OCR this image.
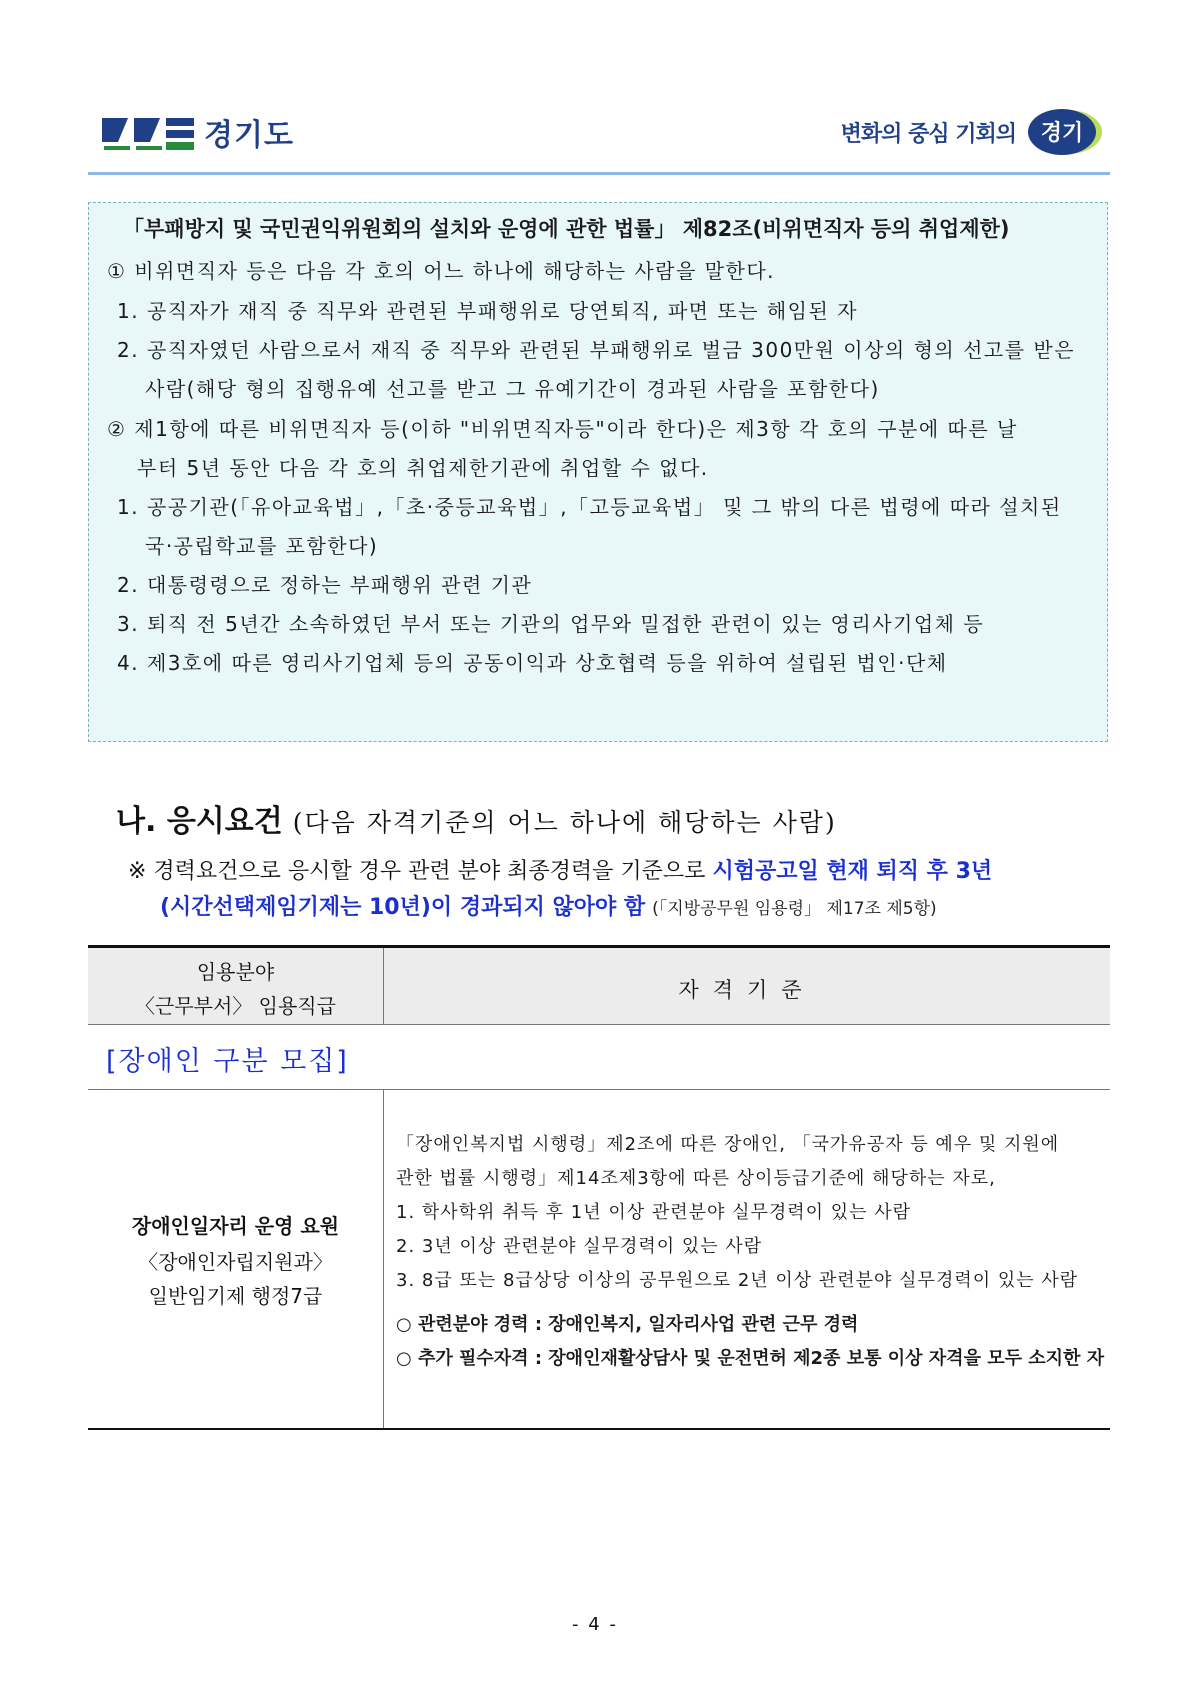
경기도	변화의 중심 기회의 경기
「부패방지 및 국민권익위원회의 설치와 운영에 관한 법률」 제82조(비위면직자 등의 취업제한)
① 비위면직자 등은 다음 각 호의 어느 하나에 해당하는 사람을 말한다.
1. 공직자가 재직 중 직무와 관련된 부패행위로 당연퇴직, 파면 또는 해임된 자
2. 공직자였던 사람으로서 재직 중 직무와 관련된 부패행위로 벌금 300만원 이상의 형의 선고를 받은
사람(해당 형의 집행유예 선고를 받고 그 유예기간이 경과된 사람을 포함한다)
② 제1항에 따른 비위면직자 등(이하 "비위면직자등"이라 한다)은 제3항 각 호의 구분에 따른 날
부터 5년 동안 다음 각 호의 취업제한기관에 취업할 수 없다.
1. 공공기관(「유아교육법」,「초·중등교육법」,「고등교육법」 및 그 밖의 다른 법령에 따라 설치된
국·공립학교를 포함한다)
2. 대통령령으로 정하는 부패행위 관련 기관
3. 퇴직 전 5년간 소속하였던 부서 또는 기관의 업무와 밀접한 관련이 있는 영리사기업체 등
4. 제3호에 따른 영리사기업체 등의 공동이익과 상호협력 등을 위하여 설립된 법인·단체
나. 응시요건 (다음 자격기준의 어느 하나에 해당하는 사람)
※ 경력요건으로 응시할 경우 관련 분야 최종경력을 기준으로 시험공고일 현재 퇴직 후 3년
(시간선택제임기제는 10년)이 경과되지 않아야 함 (「지방공무원 임용령」 제17조 제5항)
임용분야
〈근무부서〉 임용직급
자격기준
[장애인 구분 모집]
장애인일자리 운영 요원
〈장애인자립지원과〉
일반임기제 행정7급
「장애인복지법 시행령」제2조에 따른 장애인, 「국가유공자 등 예우 및 지원에
관한 법률 시행령」제14조제3항에 따른 상이등급기준에 해당하는 자로,
1. 학사학위 취득 후 1년 이상 관련분야 실무경력이 있는 사람
2. 3년 이상 관련분야 실무경력이 있는 사람
3. 8급 또는 8급상당 이상의 공무원으로 2년 이상 관련분야 실무경력이 있는 사람
○ 관련분야 경력 : 장애인복지, 일자리사업 관련 근무 경력
○ 추가 필수자격 : 장애인재활상담사 및 운전면허 제2종 보통 이상 자격을 모두 소지한 자
- 4 -
